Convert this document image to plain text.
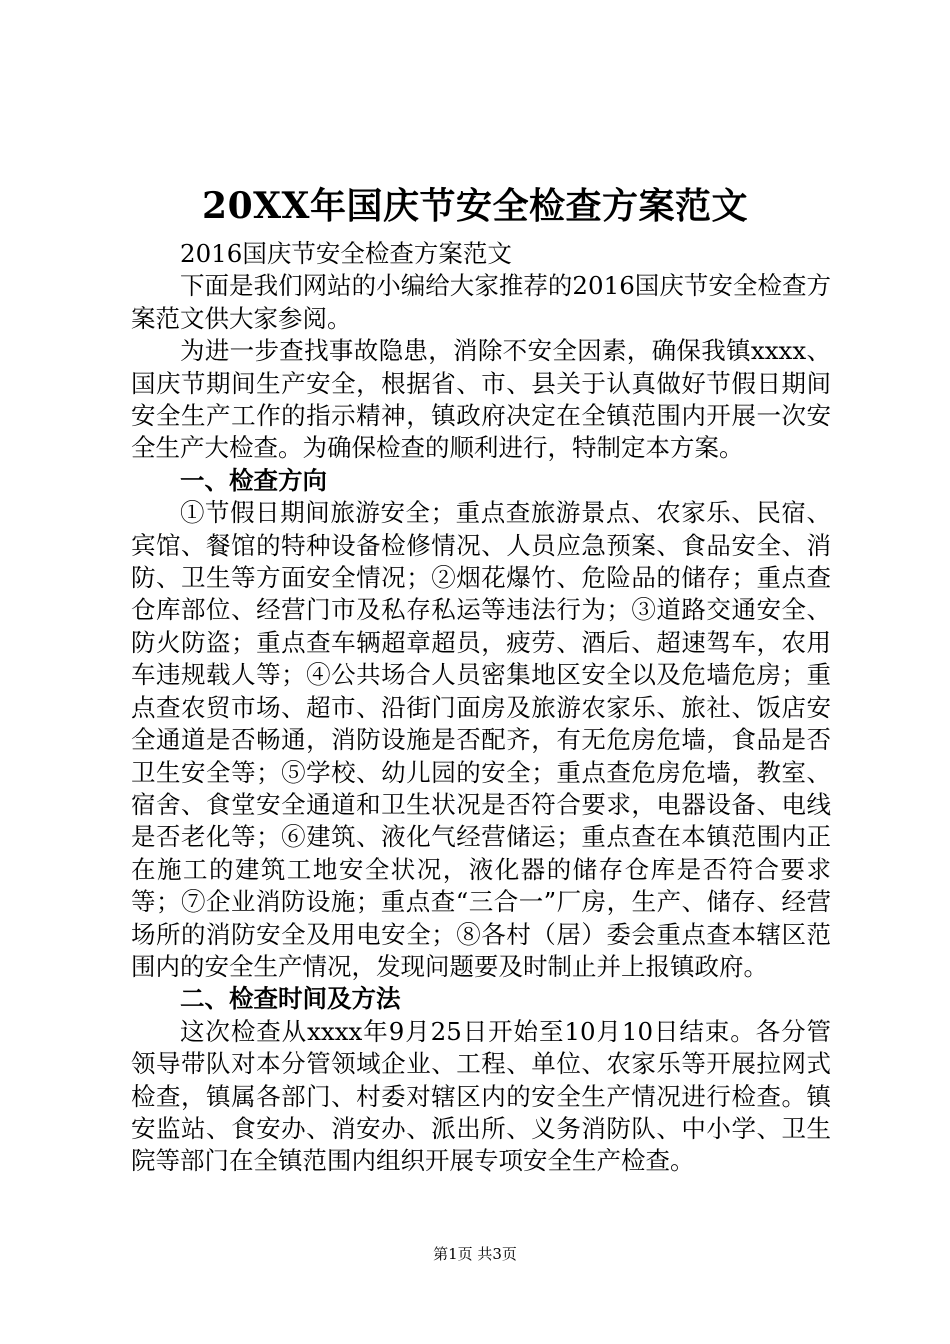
20XX年国庆节安全检查方案范文

2016国庆节安全检查方案范文

下面是我们网站的小编给大家推荐的2016国庆节安全检查方案范文供大家参阅。

为进一步查找事故隐患，消除不安全因素，确保我镇xxxx、国庆节期间生产安全，根据省、市、县关于认真做好节假日期间安全生产工作的指示精神，镇政府决定在全镇范围内开展一次安全生产大检查。为确保检查的顺利进行，特制定本方案。

一、检查方向

①节假日期间旅游安全；重点查旅游景点、农家乐、民宿、宾馆、餐馆的特种设备检修情况、人员应急预案、食品安全、消防、卫生等方面安全情况；②烟花爆竹、危险品的储存；重点查仓库部位、经营门市及私存私运等违法行为；③道路交通安全、防火防盗；重点查车辆超章超员，疲劳、酒后、超速驾车，农用车违规载人等；④公共场合人员密集地区安全以及危墙危房；重点查农贸市场、超市、沿街门面房及旅游农家乐、旅社、饭店安全通道是否畅通，消防设施是否配齐，有无危房危墙，食品是否卫生安全等；⑤学校、幼儿园的安全；重点查危房危墙，教室、宿舍、食堂安全通道和卫生状况是否符合要求，电器设备、电线是否老化等；⑥建筑、液化气经营储运；重点查在本镇范围内正在施工的建筑工地安全状况，液化器的储存仓库是否符合要求等；⑦企业消防设施；重点查“三合一”厂房，生产、储存、经营场所的消防安全及用电安全；⑧各村（居）委会重点查本辖区范围内的安全生产情况，发现问题要及时制止并上报镇政府。

二、检查时间及方法

这次检查从xxxx年9月25日开始至10月10日结束。各分管领导带队对本分管领域企业、工程、单位、农家乐等开展拉网式检查，镇属各部门、村委对辖区内的安全生产情况进行检查。镇安监站、食安办、消安办、派出所、义务消防队、中小学、卫生院等部门在全镇范围内组织开展专项安全生产检查。

第1页 共3页
